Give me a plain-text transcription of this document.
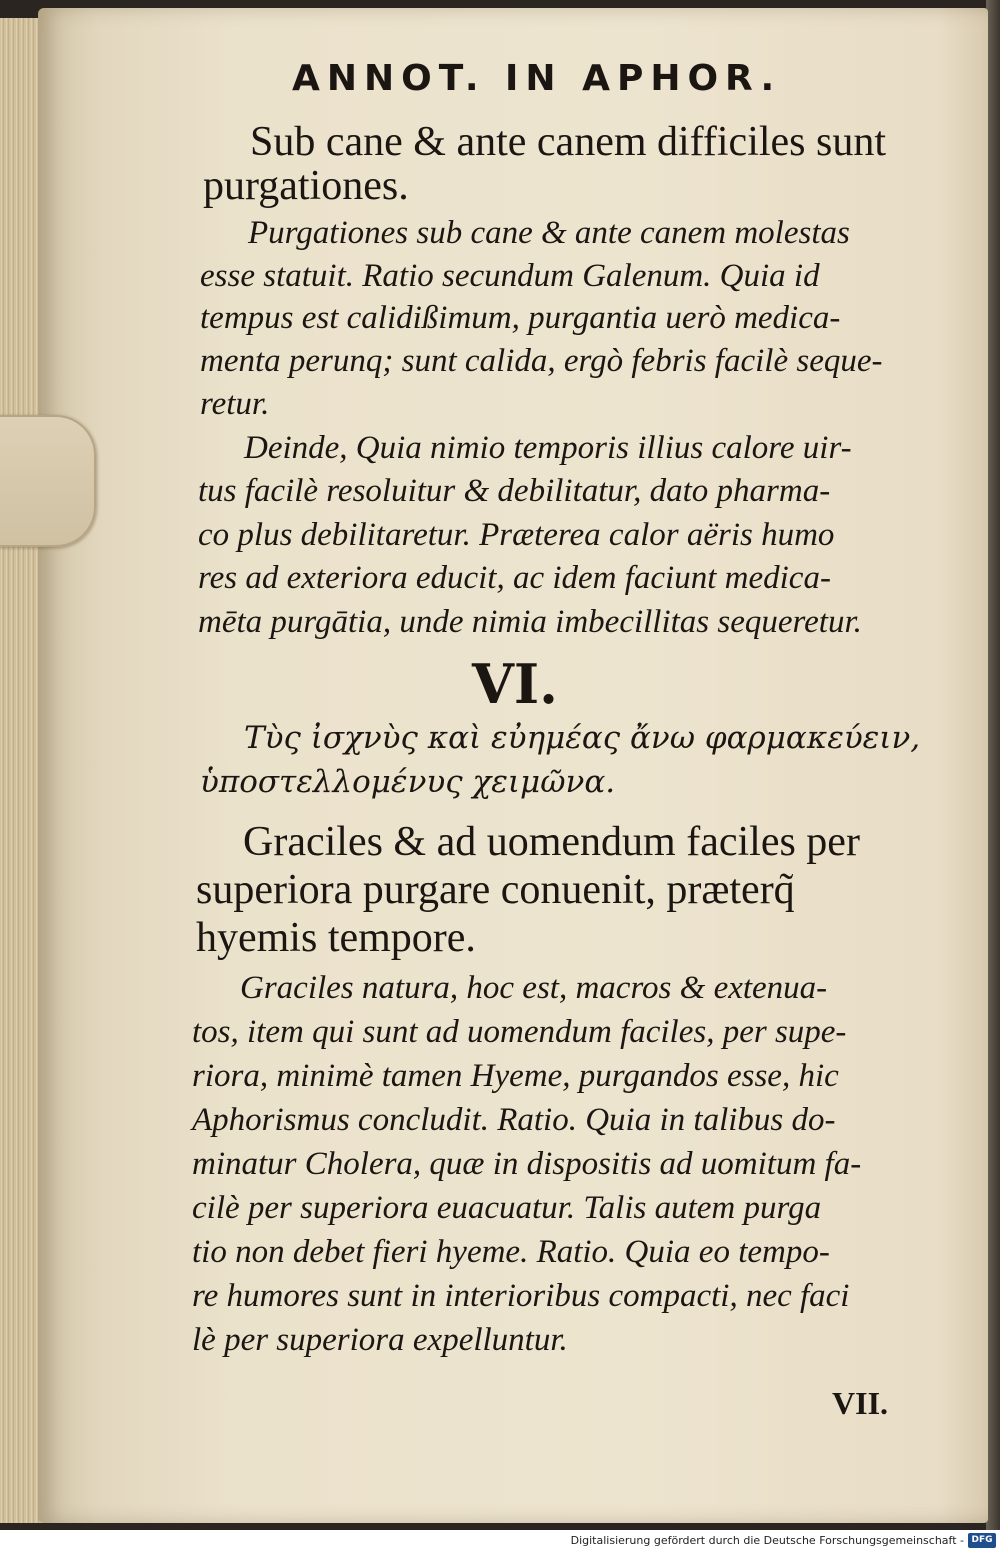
ANNOT. IN APHOR.
Sub cane & ante canem difficiles sunt
purgationes.
Purgationes sub cane & ante canem molestas
esse statuit. Ratio secundum Galenum. Quia id
tempus est calidißimum, purgantia uerò medica-
menta perunq; sunt calida, ergò febris facilè seque-
retur.
Deinde, Quia nimio temporis illius calore uir-
tus facilè resoluitur & debilitatur, dato pharma-
co plus debilitaretur. Præterea calor aëris humo
res ad exteriora educit, ac idem faciunt medica-
mēta purgātia, unde nimia imbecillitas sequeretur.
VI.
Τὺς ἰσχνὺς καὶ εὐημέας ἄνω φαρμακεύειν,
ὑποστελλομένυς χειμῶνα.
Graciles & ad uomendum faciles per
superiora purgare conuenit, præterq̃
hyemis tempore.
Graciles natura, hoc est, macros & extenua-
tos, item qui sunt ad uomendum faciles, per supe-
riora, minimè tamen Hyeme, purgandos esse, hic
Aphorismus concludit. Ratio. Quia in talibus do-
minatur Cholera, quæ in dispositis ad uomitum fa-
cilè per superiora euacuatur. Talis autem purga
tio non debet fieri hyeme. Ratio. Quia eo tempo-
re humores sunt in interioribus compacti, nec faci
lè per superiora expelluntur.
VII.
Digitalisierung gefördert durch die Deutsche Forschungsgemeinschaft - DFG
